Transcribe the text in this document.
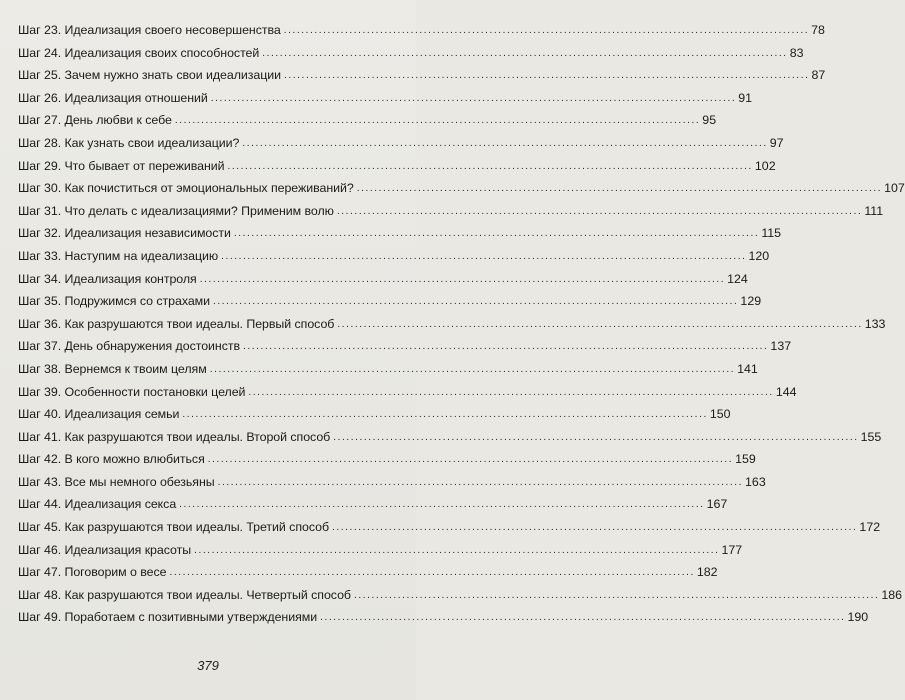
Шаг 23. Идеализация своего несовершенства ........................................................................................................................ 78
Шаг 24. Идеализация своих способностей ........................................................................................................................ 83
Шаг 25. Зачем нужно знать свои идеализации ........................................................................................................................ 87
Шаг 26. Идеализация отношений ........................................................................................................................ 91
Шаг 27. День любви к себе ........................................................................................................................ 95
Шаг 28. Как узнать свои идеализации? ........................................................................................................................ 97
Шаг 29. Что бывает от переживаний ........................................................................................................................ 102
Шаг 30. Как почиститься от эмоциональных переживаний? ........................................................................................................................ 107
Шаг 31. Что делать с идеализациями? Применим волю ........................................................................................................................ 111
Шаг 32. Идеализация независимости ........................................................................................................................ 115
Шаг 33. Наступим на идеализацию ........................................................................................................................ 120
Шаг 34. Идеализация контроля ........................................................................................................................ 124
Шаг 35. Подружимся со страхами ........................................................................................................................ 129
Шаг 36. Как разрушаются твои идеалы. Первый способ ........................................................................................................................ 133
Шаг 37. День обнаружения достоинств ........................................................................................................................ 137
Шаг 38. Вернемся к твоим целям ........................................................................................................................ 141
Шаг 39. Особенности постановки целей ........................................................................................................................ 144
Шаг 40. Идеализация семьи ........................................................................................................................ 150
Шаг 41. Как разрушаются твои идеалы. Второй способ ........................................................................................................................ 155
Шаг 42. В кого можно влюбиться ........................................................................................................................ 159
Шаг 43. Все мы немного обезьяны ........................................................................................................................ 163
Шаг 44. Идеализация секса ........................................................................................................................ 167
Шаг 45. Как разрушаются твои идеалы. Третий способ ........................................................................................................................ 172
Шаг 46. Идеализация красоты ........................................................................................................................ 177
Шаг 47. Поговорим о весе ........................................................................................................................ 182
Шаг 48. Как разрушаются твои идеалы. Четвертый способ ........................................................................................................................ 186
Шаг 49. Поработаем с позитивными утверждениями ........................................................................................................................ 190
379
